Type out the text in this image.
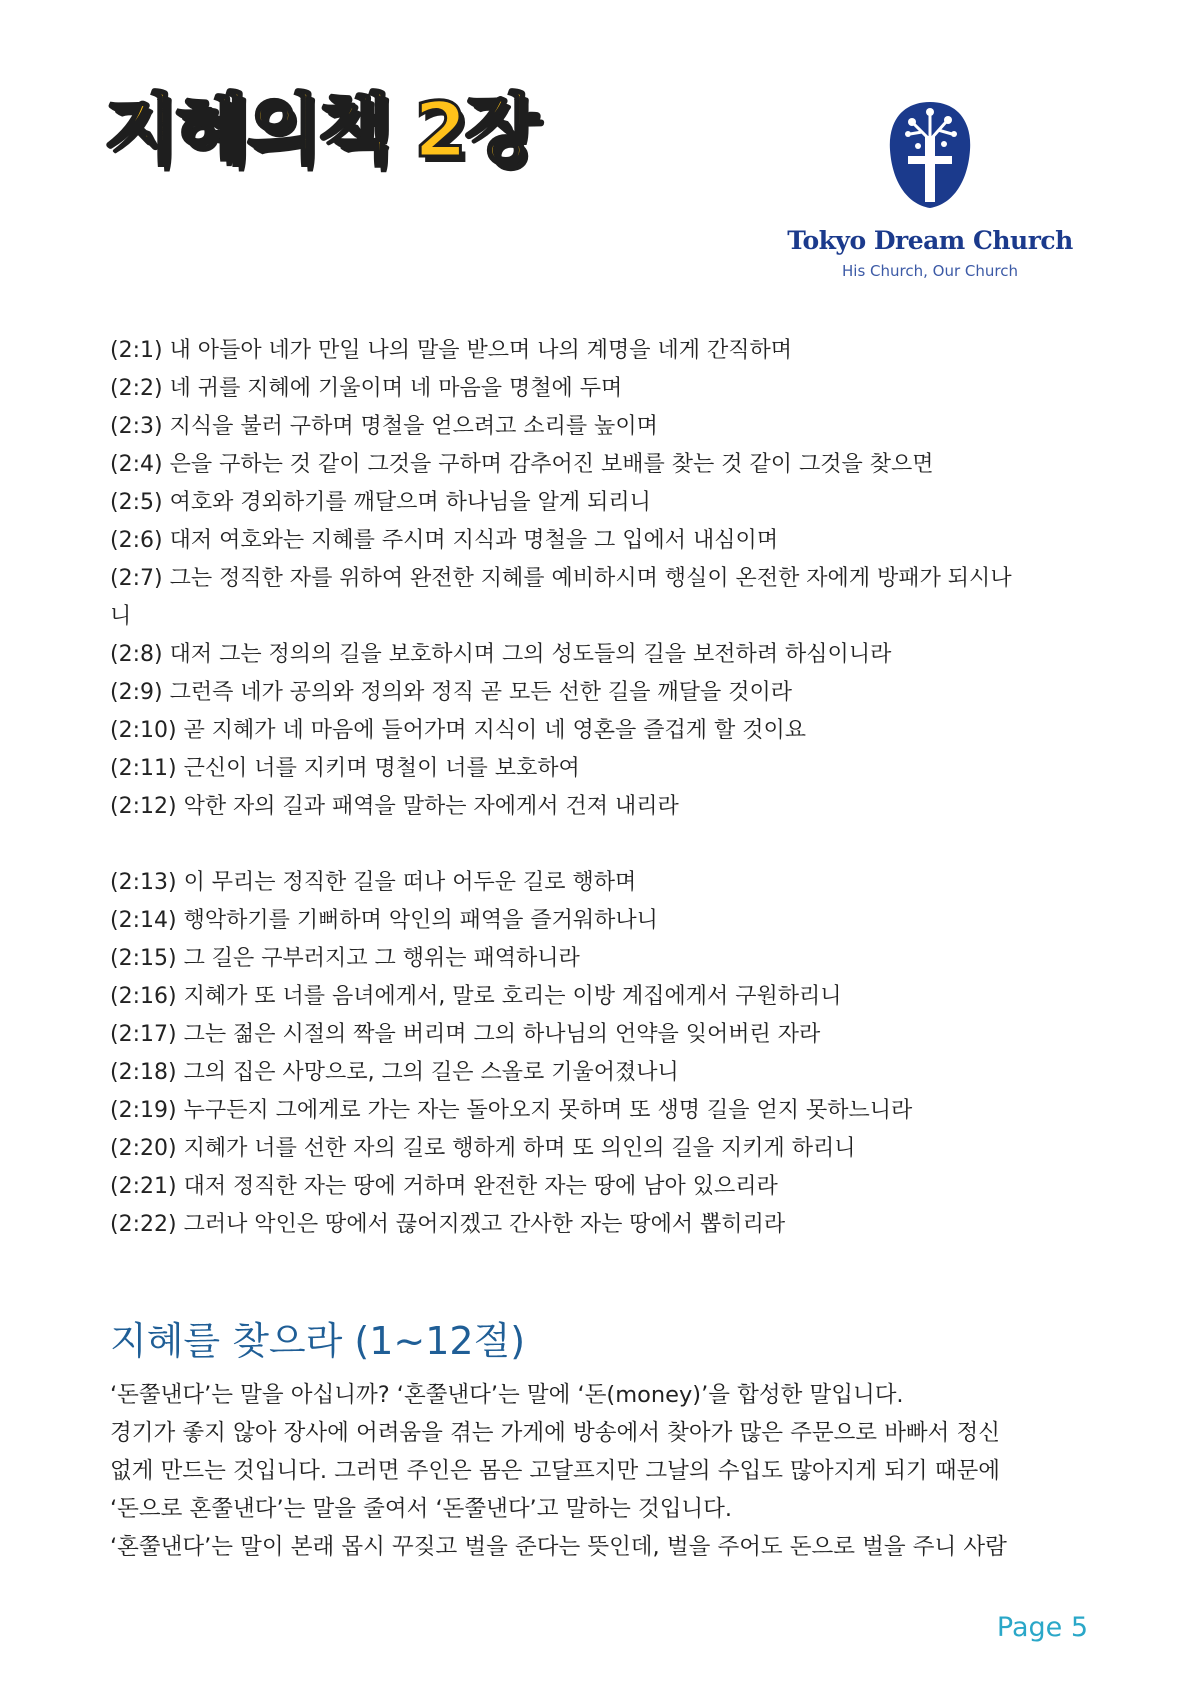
지혜의책 2장
Tokyo Dream Church
His Church, Our Church

(2:1) 내 아들아 네가 만일 나의 말을 받으며 나의 계명을 네게 간직하며

(2:2) 네 귀를 지혜에 기울이며 네 마음을 명철에 두며

(2:3) 지식을 불러 구하며 명철을 얻으려고 소리를 높이며

(2:4) 은을 구하는 것 같이 그것을 구하며 감추어진 보배를 찾는 것 같이 그것을 찾으면

(2:5) 여호와 경외하기를 깨달으며 하나님을 알게 되리니

(2:6) 대저 여호와는 지혜를 주시며 지식과 명철을 그 입에서 내심이며

(2:7) 그는 정직한 자를 위하여 완전한 지혜를 예비하시며 행실이 온전한 자에게 방패가 되시나

니

(2:8) 대저 그는 정의의 길을 보호하시며 그의 성도들의 길을 보전하려 하심이니라

(2:9) 그런즉 네가 공의와 정의와 정직 곧 모든 선한 길을 깨달을 것이라

(2:10) 곧 지혜가 네 마음에 들어가며 지식이 네 영혼을 즐겁게 할 것이요

(2:11) 근신이 너를 지키며 명철이 너를 보호하여

(2:12) 악한 자의 길과 패역을 말하는 자에게서 건져 내리라

(2:13) 이 무리는 정직한 길을 떠나 어두운 길로 행하며

(2:14) 행악하기를 기뻐하며 악인의 패역을 즐거워하나니

(2:15) 그 길은 구부러지고 그 행위는 패역하니라

(2:16) 지혜가 또 너를 음녀에게서, 말로 호리는 이방 계집에게서 구원하리니

(2:17) 그는 젊은 시절의 짝을 버리며 그의 하나님의 언약을 잊어버린 자라

(2:18) 그의 집은 사망으로, 그의 길은 스올로 기울어졌나니

(2:19) 누구든지 그에게로 가는 자는 돌아오지 못하며 또 생명 길을 얻지 못하느니라

(2:20) 지혜가 너를 선한 자의 길로 행하게 하며 또 의인의 길을 지키게 하리니

(2:21) 대저 정직한 자는 땅에 거하며 완전한 자는 땅에 남아 있으리라

(2:22) 그러나 악인은 땅에서 끊어지겠고 간사한 자는 땅에서 뽑히리라

지혜를 찾으라 (1~12절)

‘돈쭐낸다’는 말을 아십니까? ‘혼쭐낸다’는 말에 ‘돈(money)’을 합성한 말입니다.

경기가 좋지 않아 장사에 어려움을 겪는 가게에 방송에서 찾아가 많은 주문으로 바빠서 정신

없게 만드는 것입니다. 그러면 주인은 몸은 고달프지만 그날의 수입도 많아지게 되기 때문에

‘돈으로 혼쭐낸다’는 말을 줄여서 ‘돈쭐낸다’고 말하는 것입니다.

‘혼쭐낸다’는 말이 본래 몹시 꾸짖고 벌을 준다는 뜻인데, 벌을 주어도 돈으로 벌을 주니 사람

Page 5
